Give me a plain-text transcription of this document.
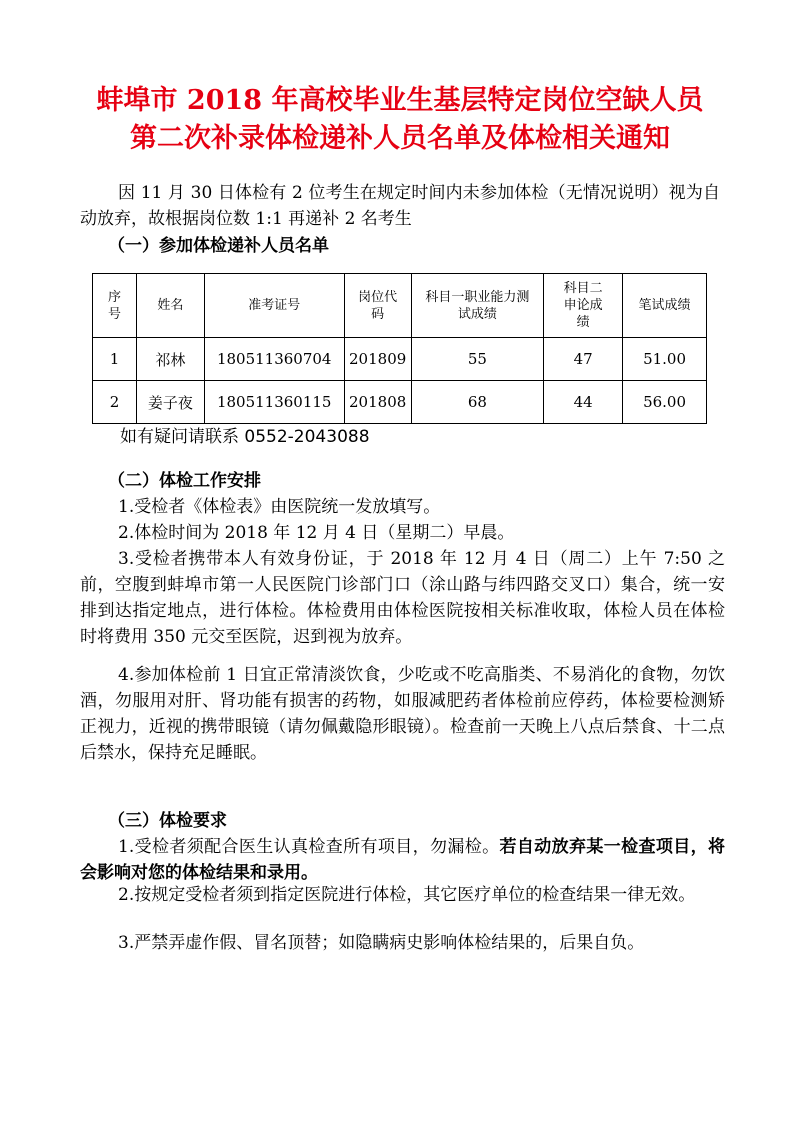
蚌埠市 2018 年高校毕业生基层特定岗位空缺人员
第二次补录体检递补人员名单及体检相关通知
因 11 月 30 日体检有 2 位考生在规定时间内未参加体检（无情况说明）视为自动放弃，故根据岗位数 1:1 再递补 2 名考生
（一）参加体检递补人员名单
序号	姓名	准考证号	岗位代码	科目一职业能力测试成绩	科目二申论成绩	笔试成绩
1	祁林	180511360704	201809	55	47	51.00
2	姜子夜	180511360115	201808	68	44	56.00
如有疑问请联系 0552-2043088
（二）体检工作安排
1.受检者《体检表》由医院统一发放填写。
2.体检时间为 2018 年 12 月 4 日（星期二）早晨。
3.受检者携带本人有效身份证，于 2018 年 12 月 4 日（周二）上午 7:50 之前，空腹到蚌埠市第一人民医院门诊部门口（涂山路与纬四路交叉口）集合，统一安排到达指定地点，进行体检。体检费用由体检医院按相关标准收取，体检人员在体检时将费用 350 元交至医院，迟到视为放弃。
4.参加体检前 1 日宜正常清淡饮食，少吃或不吃高脂类、不易消化的食物，勿饮酒，勿服用对肝、肾功能有损害的药物，如服减肥药者体检前应停药，体检要检测矫正视力，近视的携带眼镜（请勿佩戴隐形眼镜）。检查前一天晚上八点后禁食、十二点后禁水，保持充足睡眠。
（三）体检要求
1.受检者须配合医生认真检查所有项目，勿漏检。若自动放弃某一检查项目，将会影响对您的体检结果和录用。
2.按规定受检者须到指定医院进行体检，其它医疗单位的检查结果一律无效。
3.严禁弄虚作假、冒名顶替；如隐瞒病史影响体检结果的，后果自负。
